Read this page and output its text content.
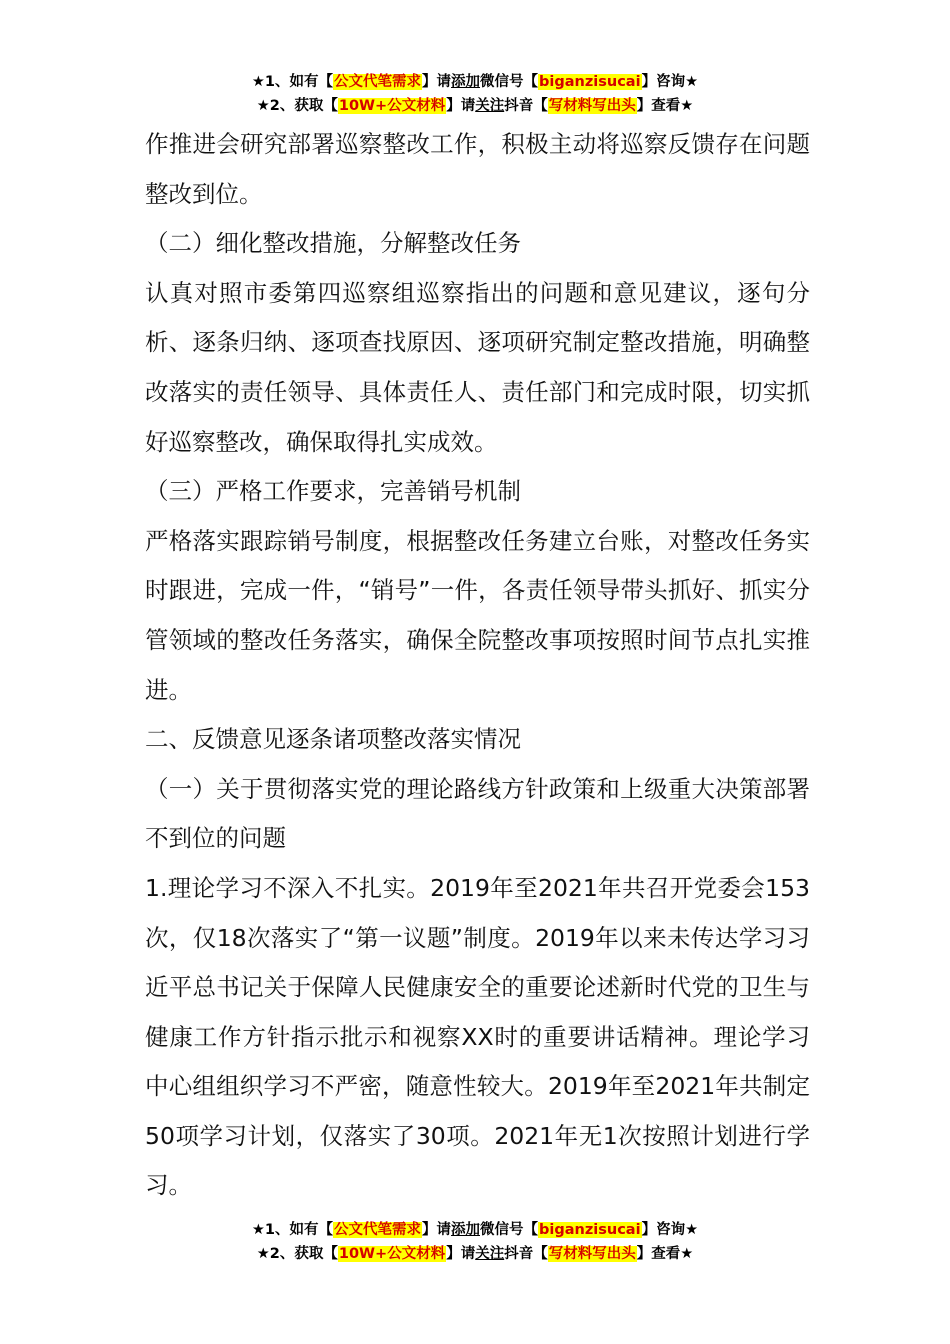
★1、如有【公文代笔需求】请添加微信号【biganzisucai】咨询★
★2、获取【10W+公文材料】请关注抖音【写材料写出头】查看★

作推进会研究部署巡察整改工作，积极主动将巡察反馈存在问题整改到位。

（二）细化整改措施，分解整改任务

认真对照市委第四巡察组巡察指出的问题和意见建议，逐句分析、逐条归纳、逐项查找原因、逐项研究制定整改措施，明确整改落实的责任领导、具体责任人、责任部门和完成时限，切实抓好巡察整改，确保取得扎实成效。

（三）严格工作要求，完善销号机制

严格落实跟踪销号制度，根据整改任务建立台账，对整改任务实时跟进，完成一件，“销号”一件，各责任领导带头抓好、抓实分管领域的整改任务落实，确保全院整改事项按照时间节点扎实推进。

二、反馈意见逐条诸项整改落实情况

（一）关于贯彻落实党的理论路线方针政策和上级重大决策部署不到位的问题

1.理论学习不深入不扎实。2019年至2021年共召开党委会153次，仅18次落实了“第一议题”制度。2019年以来未传达学习习近平总书记关于保障人民健康安全的重要论述新时代党的卫生与健康工作方针指示批示和视察XX时的重要讲话精神。理论学习中心组组织学习不严密，随意性较大。2019年至2021年共制定50项学习计划，仅落实了30项。2021年无1次按照计划进行学习。

★1、如有【公文代笔需求】请添加微信号【biganzisucai】咨询★
★2、获取【10W+公文材料】请关注抖音【写材料写出头】查看★
